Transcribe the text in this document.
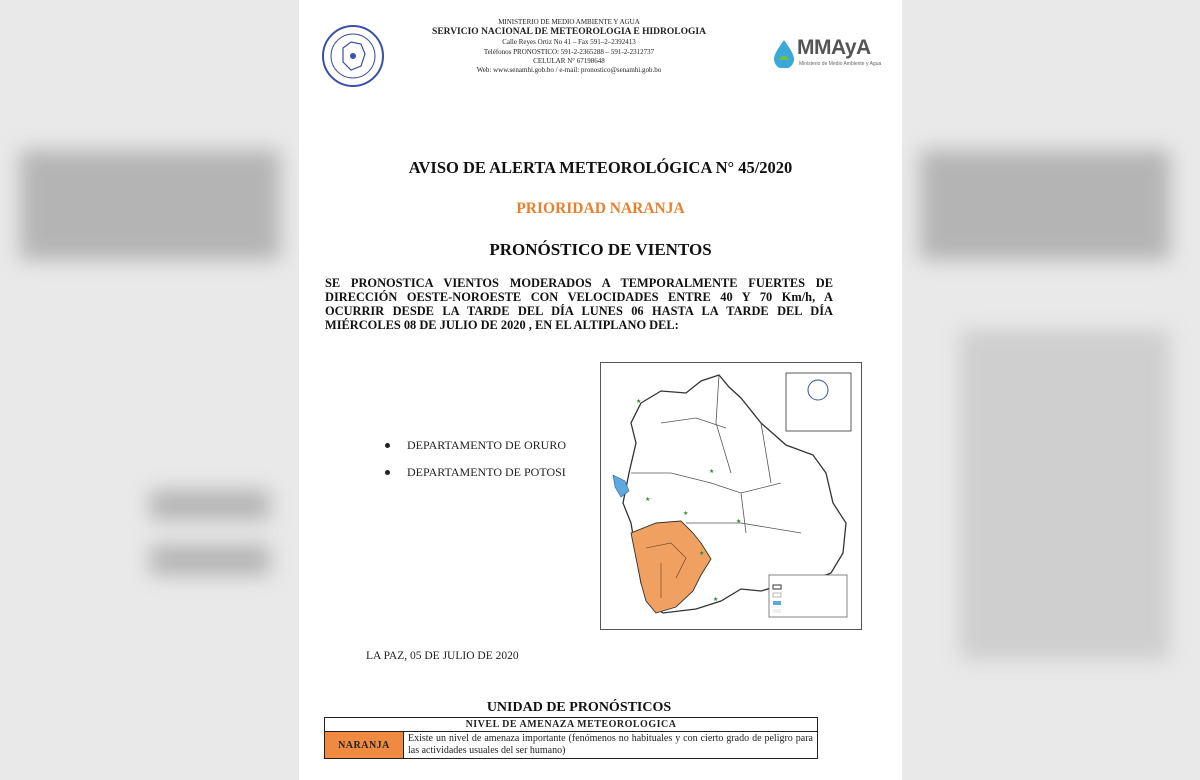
MINISTERIO DE MEDIO AMBIENTE Y AGUA
SERVICIO NACIONAL DE METEOROLOGIA E HIDROLOGIA
Calle Reyes Ortiz No 41 – Fax 591–2–2392413
Teléfonos PRONOSTICO: 591-2-2365288 – 591-2-2312737
CELULAR N° 67198648
Web: www.senamhi.gob.bo / e-mail: pronostico@senamhi.gob.bo
MMAyA
Ministerio de Medio Ambiente y Agua
AVISO DE ALERTA METEOROLÓGICA N° 45/2020
PRIORIDAD NARANJA
PRONÓSTICO DE VIENTOS
SE PRONOSTICA VIENTOS MODERADOS A TEMPORALMENTE FUERTES DE DIRECCIÓN OESTE-NOROESTE CON VELOCIDADES ENTRE 40 Y 70 Km/h, A OCURRIR DESDE LA TARDE DEL DÍA LUNES 06 HASTA LA TARDE DEL DÍA MIÉRCOLES 08 DE JULIO DE 2020 , EN EL ALTIPLANO DEL:
DEPARTAMENTO DE ORURO
DEPARTAMENTO DE POTOSI
★
★
★
★
★
★
★
LA PAZ, 05 DE JULIO DE 2020
UNIDAD DE PRONÓSTICOS
NIVEL DE AMENAZA METEOROLOGICA
NARANJA	Existe un nivel de amenaza importante (fenómenos no habituales y con cierto grado de peligro para las actividades usuales del ser humano)
